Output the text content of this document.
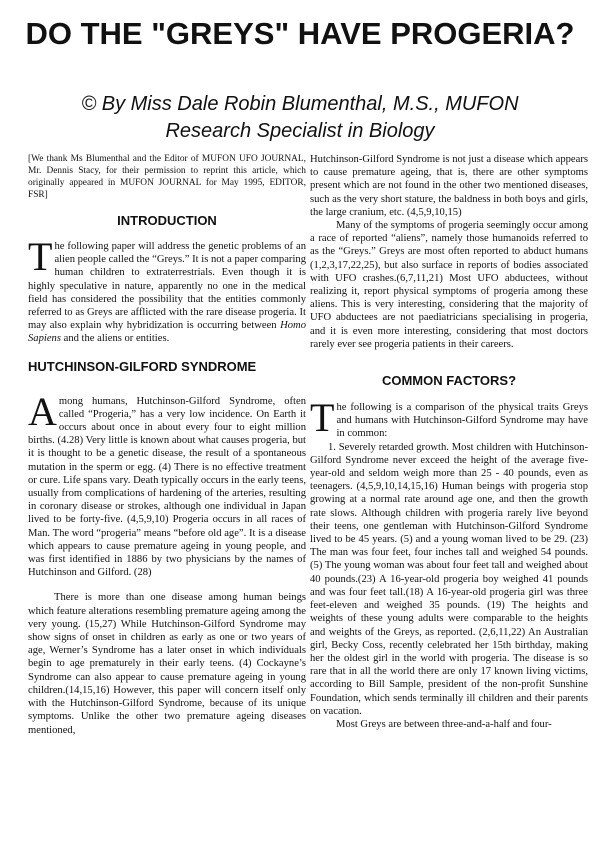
DO THE "GREYS" HAVE PROGERIA?
© By Miss Dale Robin Blumenthal, M.S., MUFON
Research Specialist in Biology

[We thank Ms Blumenthal and the Editor of MUFON UFO JOURNAL, Mr. Dennis Stacy, for their permission to reprint this article, which originally appeared in MUFON JOURNAL for May 1995, EDITOR, FSR]

INTRODUCTION

The following paper will address the genetic problems of an alien people called the “Greys.” It is not a paper comparing human children to extraterrestrials. Even though it is highly speculative in nature, apparently no one in the medical field has considered the possibility that the entities commonly referred to as Greys are afflicted with the rare disease progeria. It may also explain why hybridization is occurring between Homo Sapiens and the aliens or entities.

HUTCHINSON-GILFORD SYNDROME

Among humans, Hutchinson-Gilford Syndrome, often called “Progeria,” has a very low incidence. On Earth it occurs about once in about every four to eight million births. (4.28) Very little is known about what causes progeria, but it is thought to be a genetic disease, the result of a spontaneous mutation in the sperm or egg. (4) There is no effective treatment or cure. Life spans vary. Death typically occurs in the early teens, usually from complications of hardening of the arteries, resulting in coronary disease or strokes, although one individual in Japan lived to be forty-five. (4,5,9,10) Progeria occurs in all races of Man. The word “progeria” means “before old age”. It is a disease which appears to cause premature ageing in young people, and was first identified in 1886 by two physicians by the names of Hutchinson and Gilford. (28)

There is more than one disease among human beings which feature alterations resembling premature ageing among the very young. (15,27) While Hutchinson-Gilford Syndrome may show signs of onset in children as early as one or two years of age, Werner’s Syndrome has a later onset in which individuals begin to age prematurely in their early teens. (4) Cockayne’s Syndrome can also appear to cause premature ageing in young children.(14,15,16) However, this paper will concern itself only with the Hutchinson-Gilford Syndrome, because of its unique symptoms. Unlike the other two premature ageing diseases mentioned,

Hutchinson-Gilford Syndrome is not just a disease which appears to cause premature ageing, that is, there are other symptoms present which are not found in the other two mentioned diseases, such as the very short stature, the baldness in both boys and girls, the large cranium, etc. (4,5,9,10,15)

Many of the symptoms of progeria seemingly occur among a race of reported “aliens”, namely those humanoids referred to as the “Greys.” Greys are most often reported to abduct humans (1,2,3,17,22,25), but also surface in reports of bodies associated with UFO crashes.(6,7,11,21) Most UFO abductees, without realizing it, report physical symptoms of progeria among these aliens. This is very interesting, considering that the majority of UFO abductees are not paediatricians specialising in progeria, and it is even more interesting, considering that most doctors rarely ever see progeria patients in their careers.

COMMON FACTORS?

The following is a comparison of the physical traits Greys and humans with Hutchinson-Gilford Syndrome may have in common:

1. Severely retarded growth. Most children with Hutchinson-Gilford Syndrome never exceed the height of the average five-year-old and seldom weigh more than 25 - 40 pounds, even as teenagers. (4,5,9,10,14,15,16) Human beings with progeria stop growing at a normal rate around age one, and then the growth rate slows. Although children with progeria rarely live beyond their teens, one gentleman with Hutchinson-Gilford Syndrome lived to be 45 years. (5) and a young woman lived to be 29. (23) The man was four feet, four inches tall and weighed 54 pounds. (5) The young woman was about four feet tall and weighed about 40 pounds.(23) A 16-year-old progeria boy weighed 41 pounds and was four feet tall.(18) A 16-year-old progeria girl was three feet-eleven and weighed 35 pounds. (19) The heights and weights of these young adults were comparable to the heights and weights of the Greys, as reported. (2,6,11,22) An Australian girl, Becky Coss, recently celebrated her 15th birthday, making her the oldest girl in the world with progeria. The disease is so rare that in all the world there are only 17 known living victims, according to Bill Sample, president of the non-profit Sunshine Foundation, which sends terminally ill children and their parents on vacation.

Most Greys are between three-and-a-half and four-
